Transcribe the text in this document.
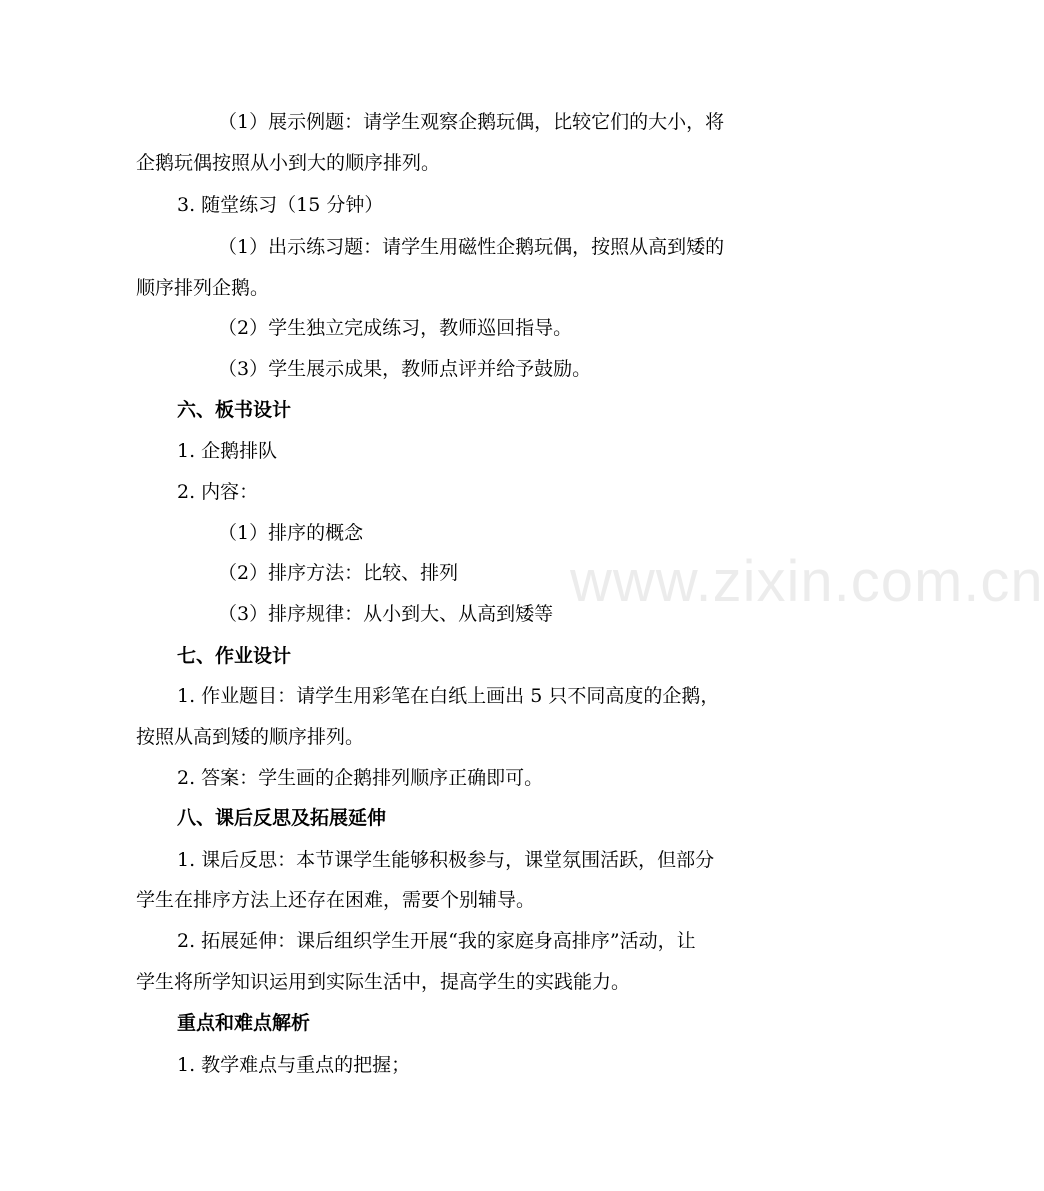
（1）展示例题：请学生观察企鹅玩偶，比较它们的大小，将
企鹅玩偶按照从小到大的顺序排列。
3. 随堂练习（15 分钟）
（1）出示练习题：请学生用磁性企鹅玩偶，按照从高到矮的
顺序排列企鹅。
（2）学生独立完成练习，教师巡回指导。
（3）学生展示成果，教师点评并给予鼓励。
六、板书设计
1. 企鹅排队
2. 内容：
（1）排序的概念
（2）排序方法：比较、排列
（3）排序规律：从小到大、从高到矮等
七、作业设计
1. 作业题目：请学生用彩笔在白纸上画出 5 只不同高度的企鹅，
按照从高到矮的顺序排列。
2. 答案：学生画的企鹅排列顺序正确即可。
八、课后反思及拓展延伸
1. 课后反思：本节课学生能够积极参与，课堂氛围活跃，但部分
学生在排序方法上还存在困难，需要个别辅导。
2. 拓展延伸：课后组织学生开展“我的家庭身高排序”活动，让
学生将所学知识运用到实际生活中，提高学生的实践能力。
重点和难点解析
1. 教学难点与重点的把握；
www.zixin.com.cn
